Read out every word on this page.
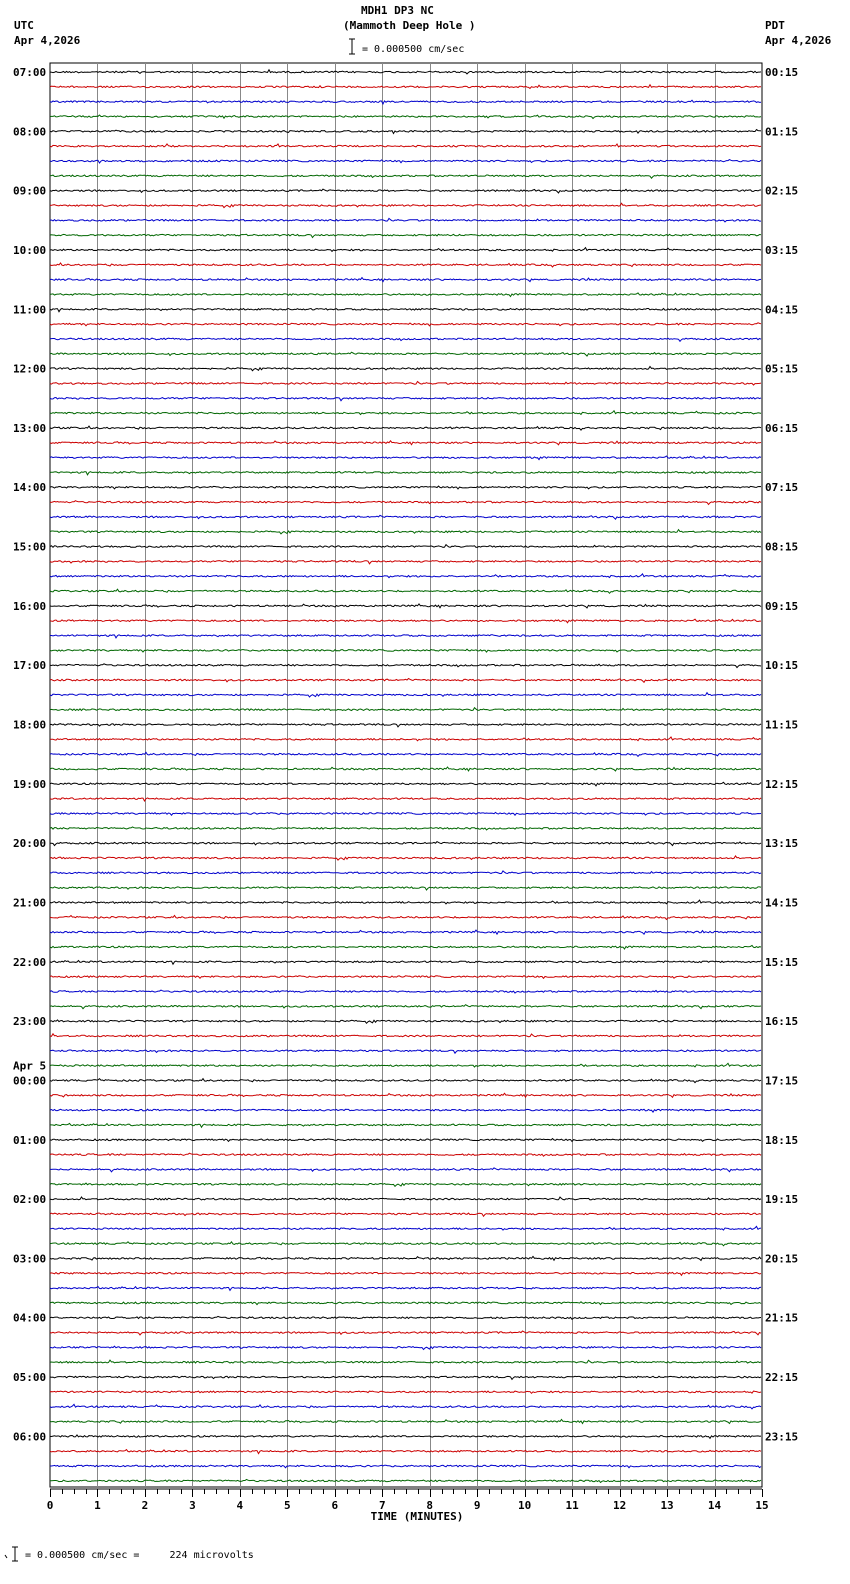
MDH1 DP3 NC
(Mammoth Deep Hole )
UTC
Apr 4,2026
PDT
Apr 4,2026
= 0.000500 cm/sec
= 0.000500 cm/sec =     224 microvolts
07:00	00:15
08:00	01:15
09:00	02:15
10:00	03:15
11:00	04:15
12:00	05:15
13:00	06:15
14:00	07:15
15:00	08:15
16:00	09:15
17:00	10:15
18:00	11:15
19:00	12:15
20:00	13:15
21:00	14:15
22:00	15:15
23:00	16:15
00:00	17:15
Apr 5
01:00	18:15
02:00	19:15
03:00	20:15
04:00	21:15
05:00	22:15
06:00	23:15
0	1	2	3	4	5	6	7	8	9	10	11	12	13	14	15
TIME (MINUTES)
